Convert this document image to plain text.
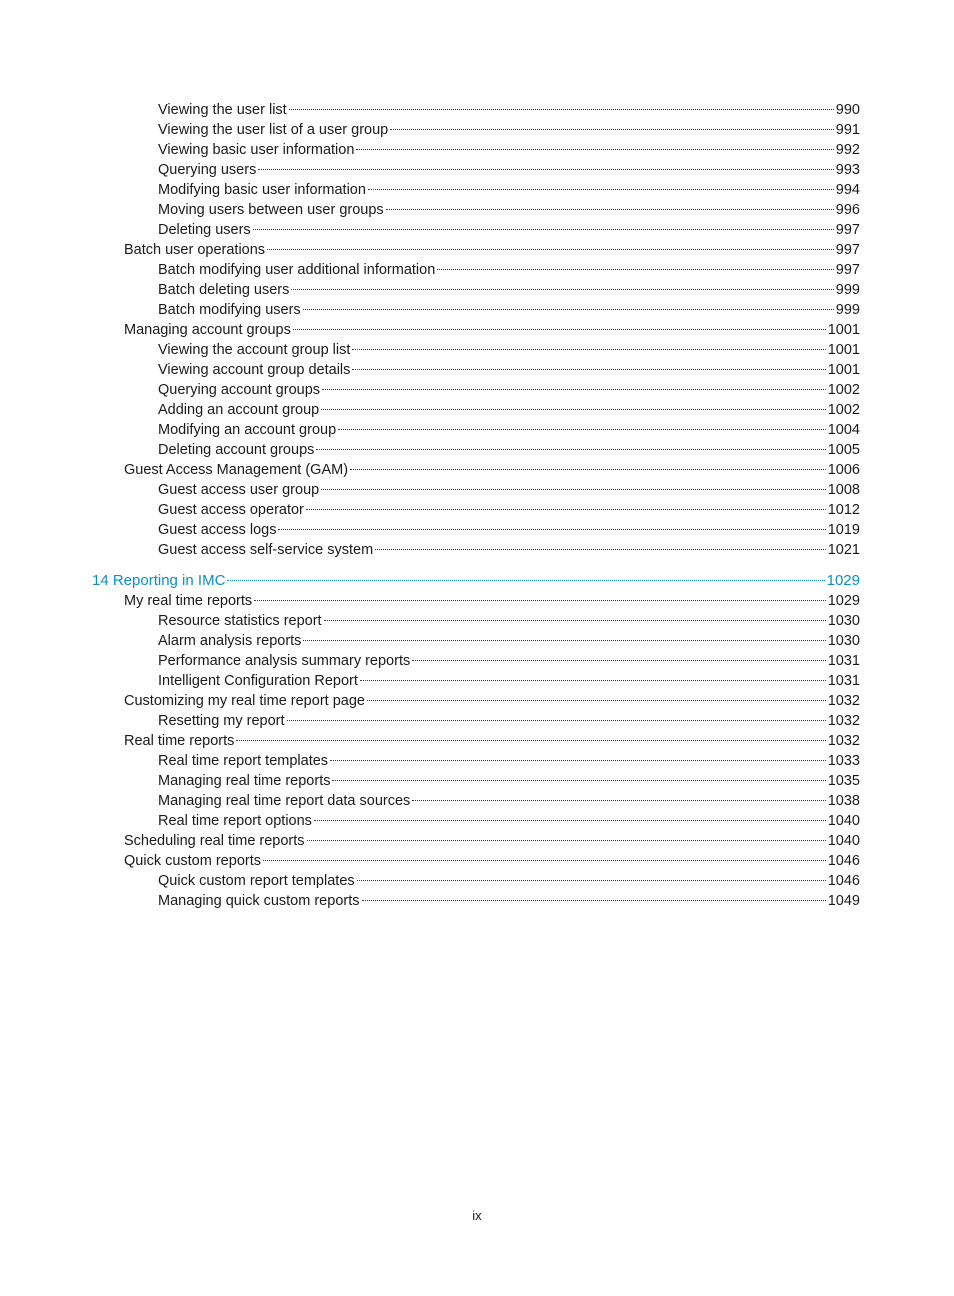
Viewing the user list	990
Viewing the user list of a user group	991
Viewing basic user information	992
Querying users	993
Modifying basic user information	994
Moving users between user groups	996
Deleting users	997
Batch user operations	997
Batch modifying user additional information	997
Batch deleting users	999
Batch modifying users	999
Managing account groups	1001
Viewing the account group list	1001
Viewing account group details	1001
Querying account groups	1002
Adding an account group	1002
Modifying an account group	1004
Deleting account groups	1005
Guest Access Management (GAM)	1006
Guest access user group	1008
Guest access operator	1012
Guest access logs	1019
Guest access self-service system	1021
14 Reporting in IMC	1029
My real time reports	1029
Resource statistics report	1030
Alarm analysis reports	1030
Performance analysis summary reports	1031
Intelligent Configuration Report	1031
Customizing my real time report page	1032
Resetting my report	1032
Real time reports	1032
Real time report templates	1033
Managing real time reports	1035
Managing real time report data sources	1038
Real time report options	1040
Scheduling real time reports	1040
Quick custom reports	1046
Quick custom report templates	1046
Managing quick custom reports	1049
ix
